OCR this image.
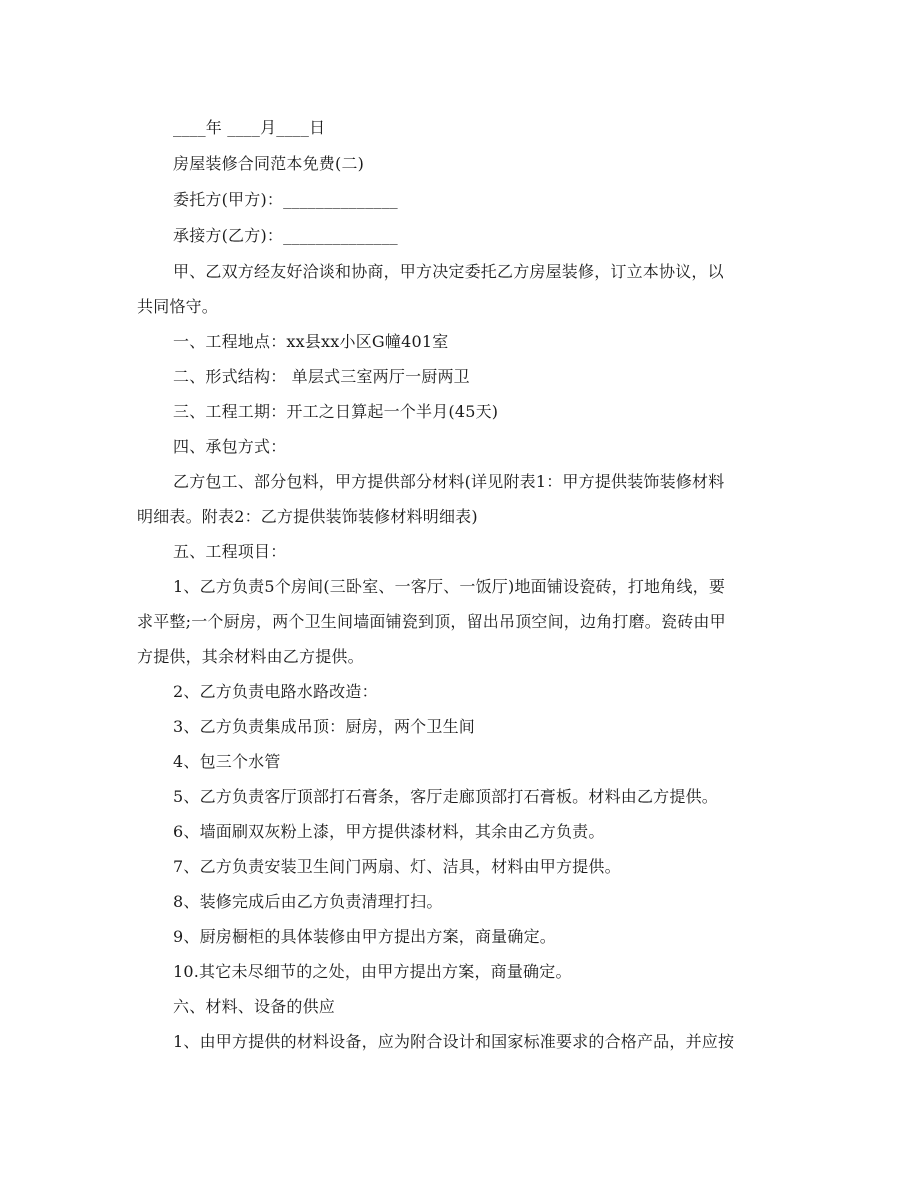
____年 ____月____日
房屋装修合同范本免费(二)
委托方(甲方)：______________
承接方(乙方)：______________
甲、乙双方经友好洽谈和协商，甲方决定委托乙方房屋装修，订立本协议，以
共同恪守。
一、工程地点：xx县xx小区G幢401室
二、形式结构： 单层式三室两厅一厨两卫
三、工程工期：开工之日算起一个半月(45天)
四、承包方式：
乙方包工、部分包料，甲方提供部分材料(详见附表1：甲方提供装饰装修材料
明细表。附表2：乙方提供装饰装修材料明细表)
五、工程项目：
1、乙方负责5个房间(三卧室、一客厅、一饭厅)地面铺设瓷砖，打地角线，要
求平整;一个厨房，两个卫生间墙面铺瓷到顶，留出吊顶空间，边角打磨。瓷砖由甲
方提供，其余材料由乙方提供。
2、乙方负责电路水路改造：
3、乙方负责集成吊顶：厨房，两个卫生间
4、包三个水管
5、乙方负责客厅顶部打石膏条，客厅走廊顶部打石膏板。材料由乙方提供。
6、墙面刷双灰粉上漆，甲方提供漆材料，其余由乙方负责。
7、乙方负责安装卫生间门两扇、灯、洁具，材料由甲方提供。
8、装修完成后由乙方负责清理打扫。
9、厨房橱柜的具体装修由甲方提出方案，商量确定。
10.其它未尽细节的之处，由甲方提出方案，商量确定。
六、材料、设备的供应
1、由甲方提供的材料设备，应为附合设计和国家标准要求的合格产品，并应按
